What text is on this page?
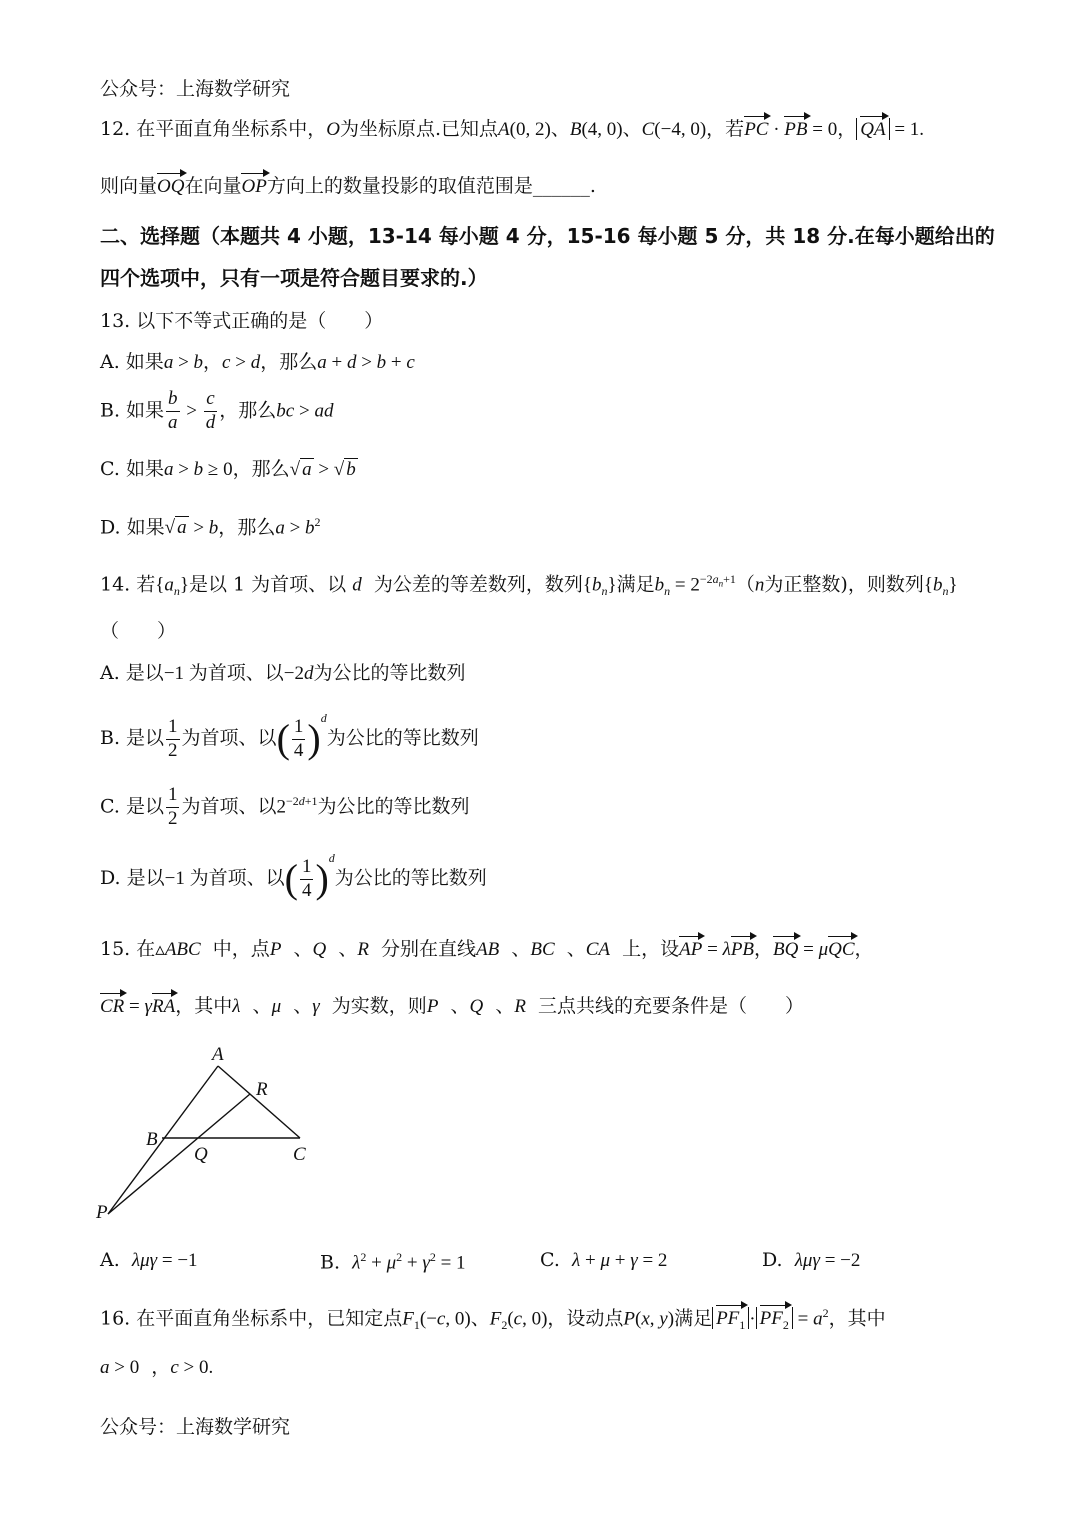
公众号：上海数学研究
12. 在平面直角坐标系中，O为坐标原点.已知点A(0, 2)、B(4, 0)、C(−4, 0)，若PC · PB = 0， QA = 1.
则向量OQ在向量OP方向上的数量投影的取值范围是______.
二、选择题（本题共 4 小题，13-14 每小题 4 分，15-16 每小题 5 分，共 18 分.在每小题给出的
四个选项中，只有一项是符合题目要求的.）
13. 以下不等式正确的是（　　）
A. 如果a > b，c > d，那么a + d > b + c
B. 如果 $\frac{b}{a} > \frac{c}{d}$ ，那么bc > ad
C. 如果a > b ≥ 0，那么√ a > √ b
D. 如果√ a > b，那么$a > b^2$
14. 若$\{a_n\}$是以 1 为首项、以 d 为公差的等差数列，数列$\{b_n\}$满足$b_n = 2^{-2a_n+1}(n$为正整数)，则数列$\{b_n\}$
（　　）
A. 是以−1 为首项、以−2d为公比的等比数列
B. 是以 $\frac{1}{2}$ 为首项、以( $\frac{1}{4} )^d$为公比的等比数列
C. 是以 $\frac{1}{2}$ 为首项、以$2^{-2d+1}$为公比的等比数列
D. 是以−1 为首项、以( $\frac{1}{4} )^d$为公比的等比数列
15. 在▵ABC 中，点P  、Q  、R 分别在直线AB  、BC  、CA 上，设AP = λPB，BQ = μQC，
CR = γRA，其中λ  、μ  、γ 为实数，则P  、Q  、R 三点共线的充要条件是（　　）
A
R
B
Q	C
P
A. λμγ = −1	B. $\lambda^2 + \mu^2 + \gamma^2 = 1$	C. λ + μ + γ = 2	D. λμγ = −2
16. 在平面直角坐标系中，已知定点$F_1(-c$, 0)、$F_2(c$, 0)，设动点P(x, y)满足 $PF_1 \cdot PF_2 = a^2$，其中
a > 0  ，c > 0.
公众号：上海数学研究
